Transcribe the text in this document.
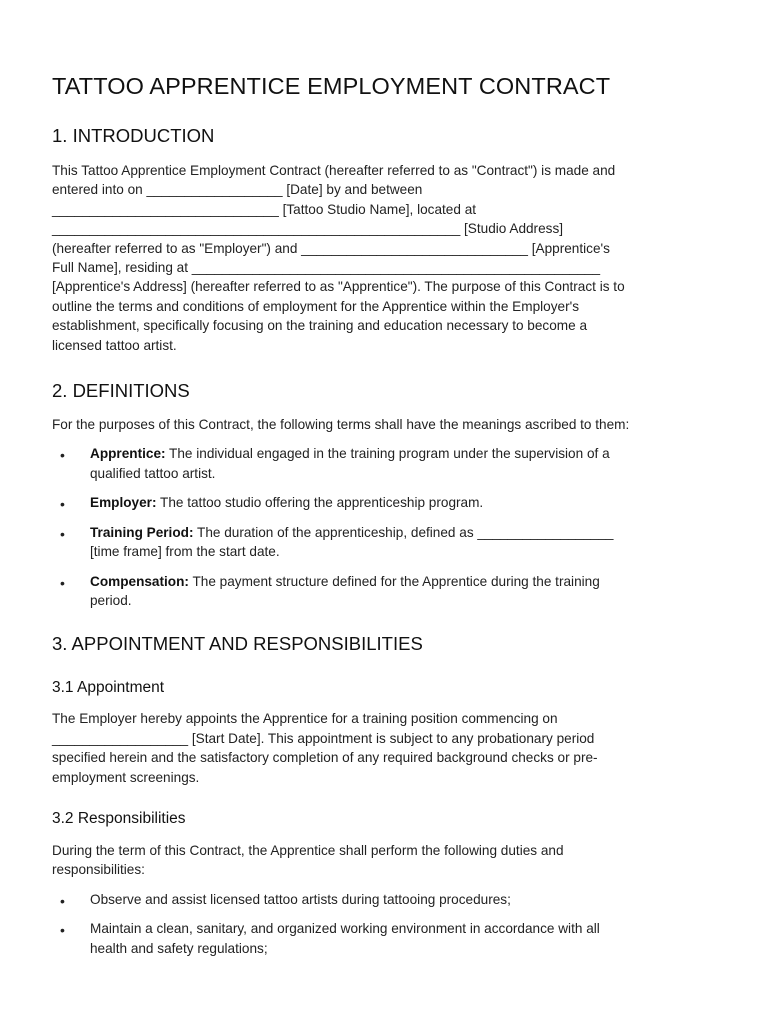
TATTOO APPRENTICE EMPLOYMENT CONTRACT
1. INTRODUCTION

This Tattoo Apprentice Employment Contract (hereafter referred to as "Contract") is made and

entered into on __________________ [Date] by and between

______________________________ [Tattoo Studio Name], located at

______________________________________________________ [Studio Address]

(hereafter referred to as "Employer") and ______________________________ [Apprentice's

Full Name], residing at ______________________________________________________

[Apprentice's Address] (hereafter referred to as "Apprentice"). The purpose of this Contract is to

outline the terms and conditions of employment for the Apprentice within the Employer's

establishment, specifically focusing on the training and education necessary to become a

licensed tattoo artist.

2. DEFINITIONS

For the purposes of this Contract, the following terms shall have the meanings ascribed to them:

• Apprentice: The individual engaged in the training program under the supervision of a
qualified tattoo artist.
• Employer: The tattoo studio offering the apprenticeship program.
• Training Period: The duration of the apprenticeship, defined as __________________
[time frame] from the start date.
• Compensation: The payment structure defined for the Apprentice during the training
period.
3. APPOINTMENT AND RESPONSIBILITIES
3.1 Appointment

The Employer hereby appoints the Apprentice for a training position commencing on

__________________ [Start Date]. This appointment is subject to any probationary period

specified herein and the satisfactory completion of any required background checks or pre-

employment screenings.

3.2 Responsibilities

During the term of this Contract, the Apprentice shall perform the following duties and

responsibilities:

• Observe and assist licensed tattoo artists during tattooing procedures;
• Maintain a clean, sanitary, and organized working environment in accordance with all
health and safety regulations;
